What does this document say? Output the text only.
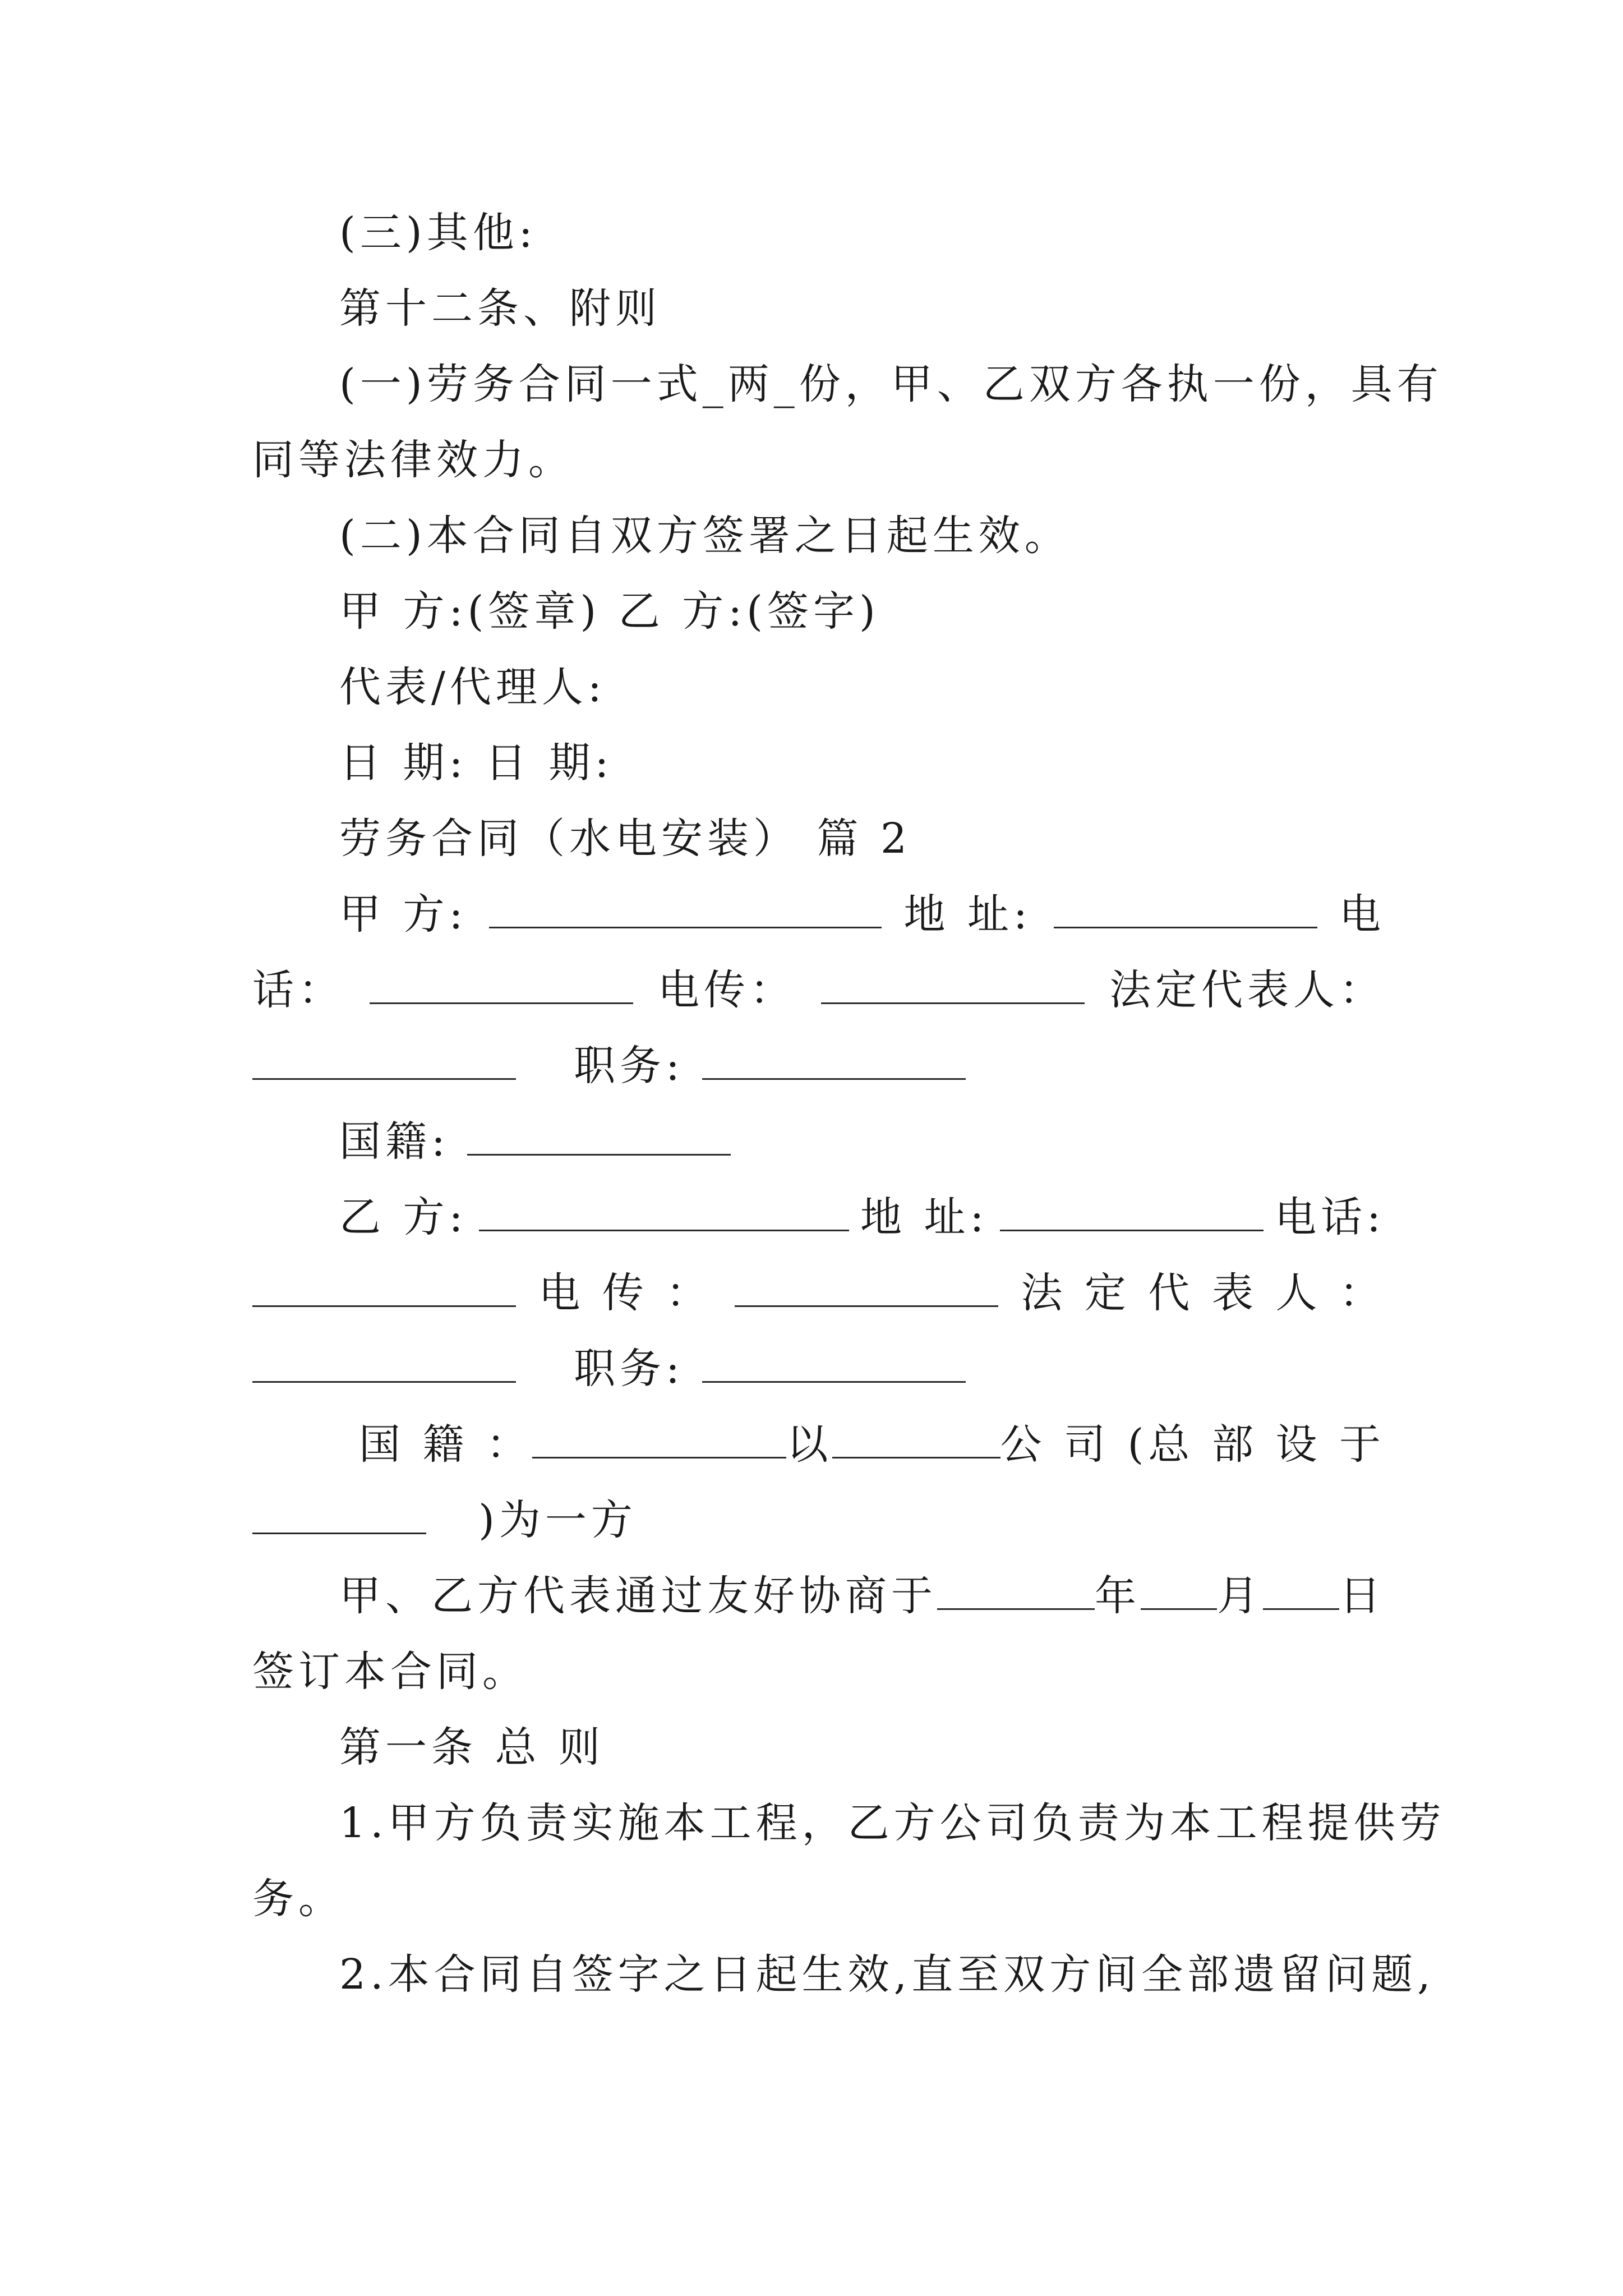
(三)其他:
第十二条、附则
(一)劳务合同一式_两_份，甲、乙双方各执一份，具有
同等法律效力。
(二)本合同自双方签署之日起生效。
甲 方:(签章) 乙 方:(签字)
代表/代理人:
日 期: 日 期:
劳务合同（水电安装） 篇 2
甲 方:	地 址:	电
话：	电传：	法定代表人：
职务:
国籍:
乙 方:	地 址:	电话:
电 传 ：	法 定 代 表 人 ：
职务:
国 籍 ：	以	公 司 (总 部 设 于
)为一方
甲、乙方代表通过友好协商于	年 月 日
签订本合同。
第一条 总 则
1.甲方负责实施本工程，乙方公司负责为本工程提供劳
务。
2.本合同自签字之日起生效,直至双方间全部遗留问题,
